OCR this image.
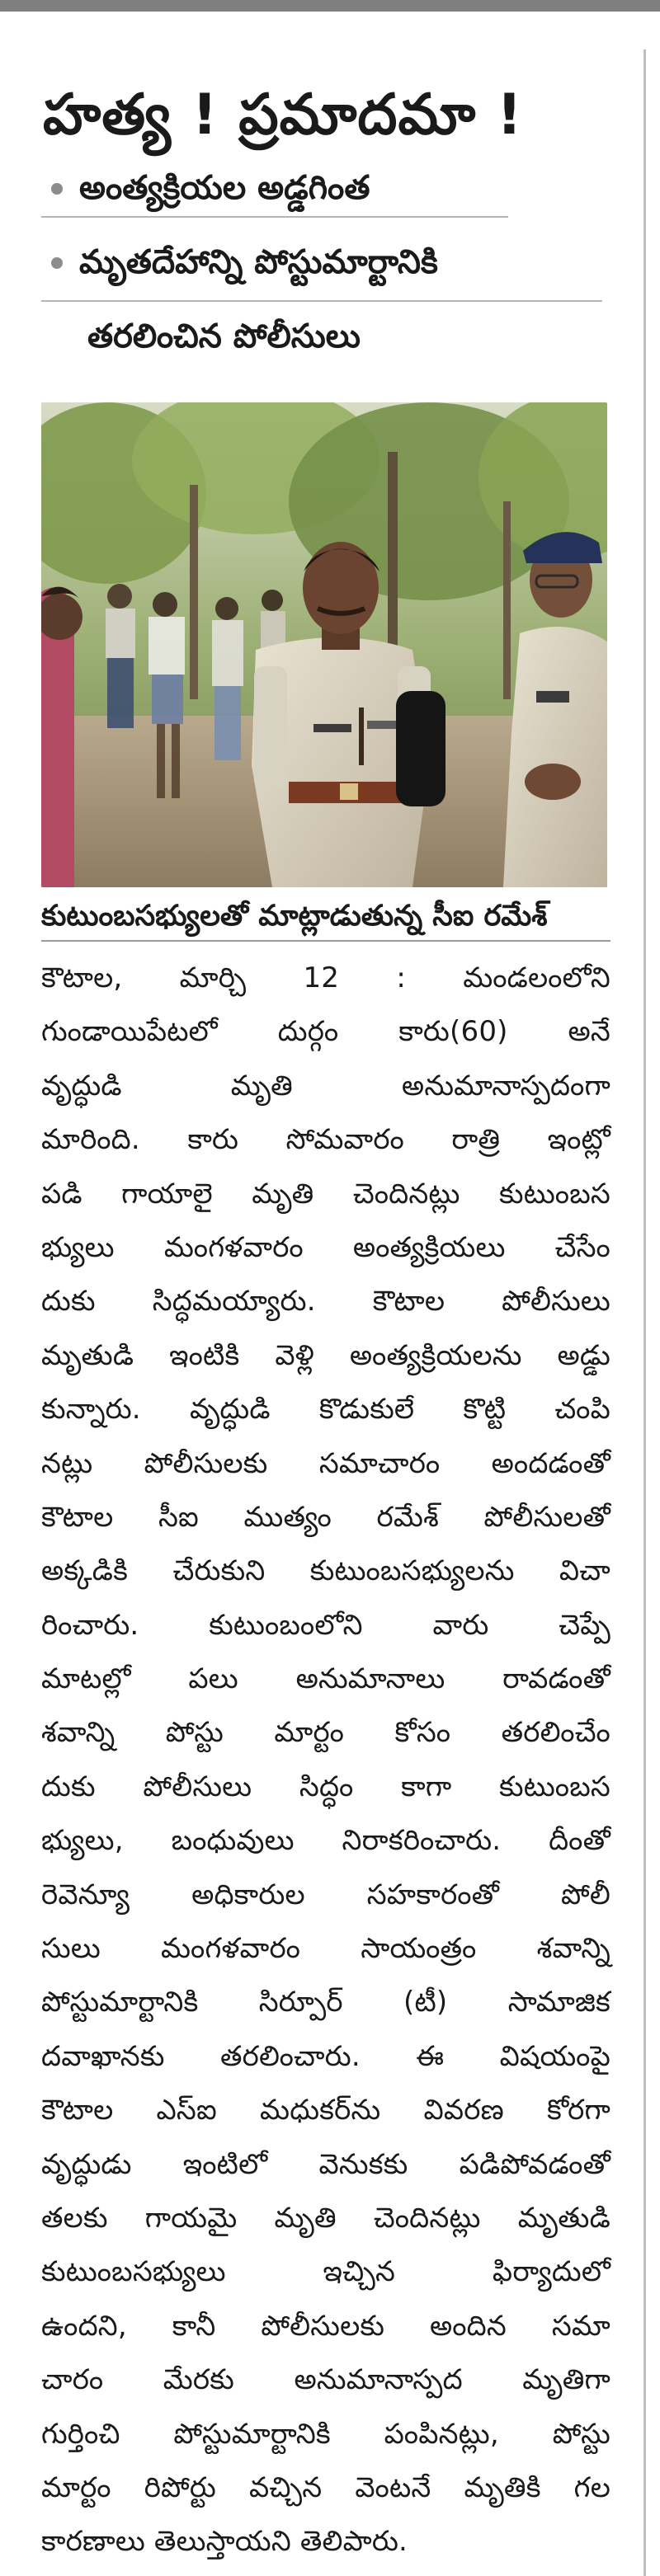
హత్య ! ప్రమాదమా !
అంత్యక్రియల అడ్డగింత
మృతదేహాన్ని పోస్టుమార్టానికి
తరలించిన పోలీసులు
కుటుంబసభ్యులతో మాట్లాడుతున్న సీఐ రమేశ్
కౌటాల, మార్చి 12 : మండలంలోని
గుండాయిపేటలో దుర్గం కారు(60) అనే
వృద్ధుడి మృతి అనుమానాస్పదంగా
మారింది. కారు సోమవారం రాత్రి ఇంట్లో
పడి గాయాలై మృతి చెందినట్లు కుటుంబస
భ్యులు మంగళవారం అంత్యక్రియలు చేసేం
దుకు సిద్ధమయ్యారు. కౌటాల పోలీసులు
మృతుడి ఇంటికి వెళ్లి అంత్యక్రియలను అడ్డు
కున్నారు. వృద్ధుడి కొడుకులే కొట్టి చంపి
నట్లు పోలీసులకు సమాచారం అందడంతో
కౌటాల సీఐ ముత్యం రమేశ్ పోలీసులతో
అక్కడికి చేరుకుని కుటుంబసభ్యులను విచా
రించారు. కుటుంబంలోని వారు చెప్పే
మాటల్లో పలు అనుమానాలు రావడంతో
శవాన్ని పోస్టు మార్టం కోసం తరలించేం
దుకు పోలీసులు సిద్ధం కాగా కుటుంబస
భ్యులు, బంధువులు నిరాకరించారు. దీంతో
రెవెన్యూ అధికారుల సహకారంతో పోలీ
సులు మంగళవారం సాయంత్రం శవాన్ని
పోస్టుమార్టానికి సిర్పూర్ (టీ) సామాజిక
దవాఖానకు తరలించారు. ఈ విషయంపై
కౌటాల ఎస్ఐ మధుకర్‌ను వివరణ కోరగా
వృద్ధుడు ఇంటిలో వెనుకకు పడిపోవడంతో
తలకు గాయమై మృతి చెందినట్లు మృతుడి
కుటుంబసభ్యులు ఇచ్చిన ఫిర్యాదులో
ఉందని, కానీ పోలీసులకు అందిన సమా
చారం మేరకు అనుమానాస్పద మృతిగా
గుర్తించి పోస్టుమార్టానికి పంపినట్లు, పోస్టు
మార్టం రిపోర్టు వచ్చిన వెంటనే మృతికి గల
కారణాలు తెలుస్తాయని తెలిపారు.
